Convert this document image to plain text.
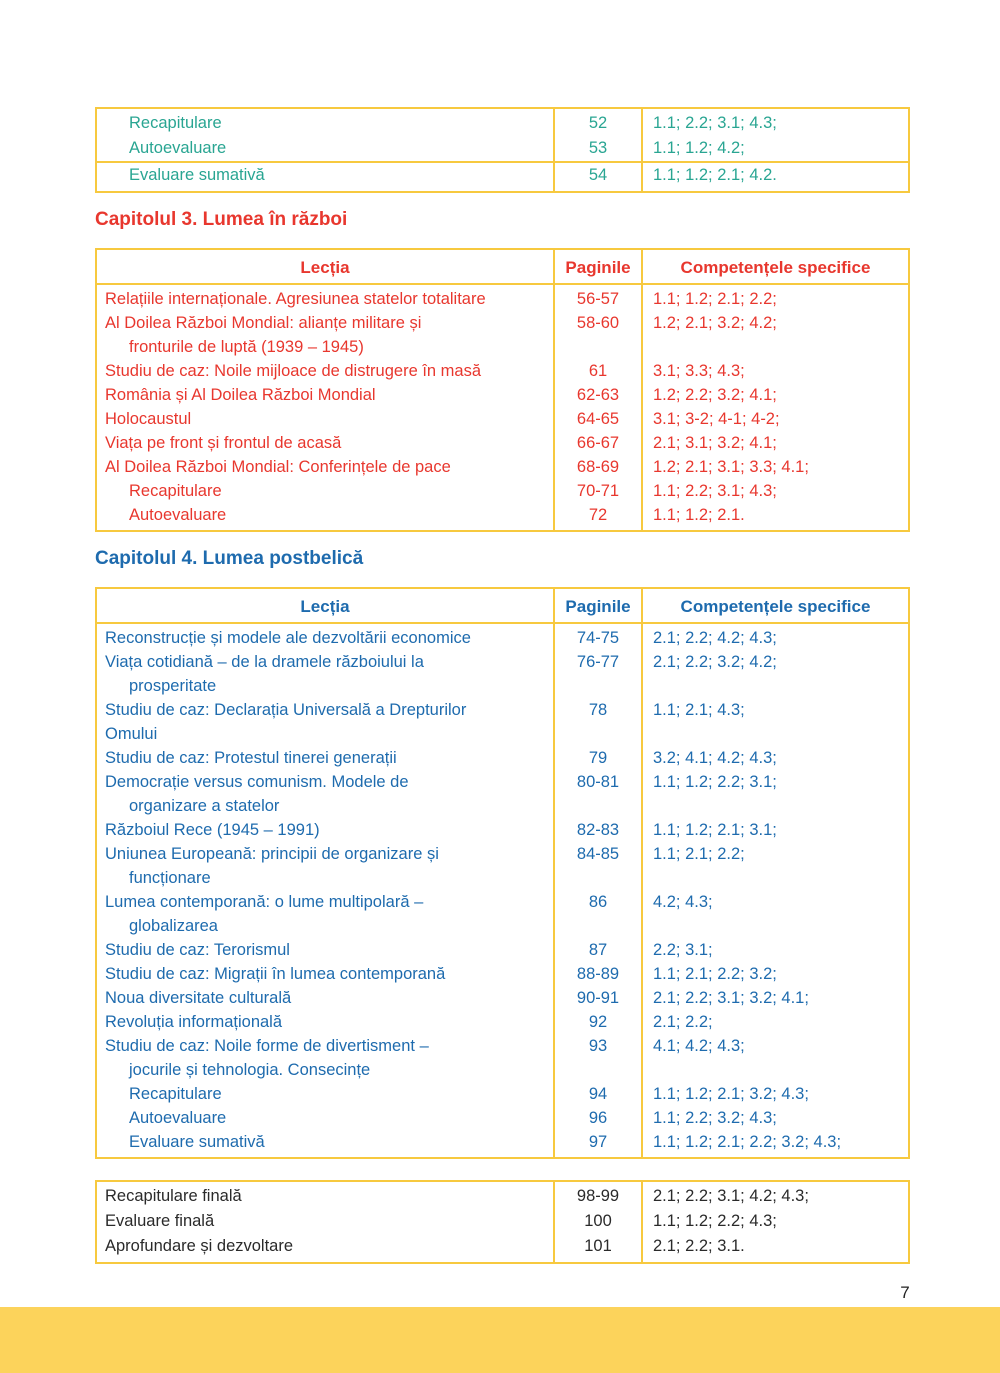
Recapitulare	52	1.1; 2.2; 3.1; 4.3;
Autoevaluare	53	1.1; 1.2; 4.2;
Evaluare sumativă	54	1.1; 1.2; 2.1; 4.2.
Capitolul 3. Lumea în război
Lecția	Paginile	Competențele specifice
Relațiile internaționale. Agresiunea statelor totalitare	56-57	1.1; 1.2; 2.1; 2.2;
Al Doilea Război Mondial: alianțe militare și
fronturile de luptă (1939 – 1945)
58-60	1.2; 2.1; 3.2; 4.2;
Studiu de caz: Noile mijloace de distrugere în masă	61	3.1; 3.3; 4.3;
România și Al Doilea Război Mondial	62-63	1.2; 2.2; 3.2; 4.1;
Holocaustul	64-65	3.1; 3-2; 4-1; 4-2;
Viața pe front și frontul de acasă	66-67	2.1; 3.1; 3.2; 4.1;
Al Doilea Război Mondial: Conferințele de pace	68-69	1.2; 2.1; 3.1; 3.3; 4.1;
Recapitulare	70-71	1.1; 2.2; 3.1; 4.3;
Autoevaluare	72	1.1; 1.2; 2.1.
Capitolul 4. Lumea postbelică
Lecția	Paginile	Competențele specifice
Reconstrucție și modele ale dezvoltării economice	74-75	2.1; 2.2; 4.2; 4.3;
Viața cotidiană – de la dramele războiului la
prosperitate
76-77	2.1; 2.2; 3.2; 4.2;
Studiu de caz: Declarația Universală a Drepturilor
Omului
78	1.1; 2.1; 4.3;
Studiu de caz: Protestul tinerei generații	79	3.2; 4.1; 4.2; 4.3;
Democrație versus comunism. Modele de
organizare a statelor
80-81	1.1; 1.2; 2.2; 3.1;
Războiul Rece (1945 – 1991)	82-83	1.1; 1.2; 2.1; 3.1;
Uniunea Europeană: principii de organizare și
funcționare
84-85	1.1; 2.1; 2.2;
Lumea contemporană: o lume multipolară –
globalizarea
86	4.2; 4.3;
Studiu de caz: Terorismul	87	2.2; 3.1;
Studiu de caz: Migrații în lumea contemporană	88-89	1.1; 2.1; 2.2; 3.2;
Noua diversitate culturală	90-91	2.1; 2.2; 3.1; 3.2; 4.1;
Revoluția informațională	92	2.1; 2.2;
Studiu de caz: Noile forme de divertisment –
jocurile și tehnologia. Consecințe
93	4.1; 4.2; 4.3;
Recapitulare	94	1.1; 1.2; 2.1; 3.2; 4.3;
Autoevaluare	96	1.1; 2.2; 3.2; 4.3;
Evaluare sumativă	97	1.1; 1.2; 2.1; 2.2; 3.2; 4.3;
Recapitulare finală	98-99	2.1; 2.2; 3.1; 4.2; 4.3;
Evaluare finală	100	1.1; 1.2; 2.2; 4.3;
Aprofundare și dezvoltare	101	2.1; 2.2; 3.1.
7
